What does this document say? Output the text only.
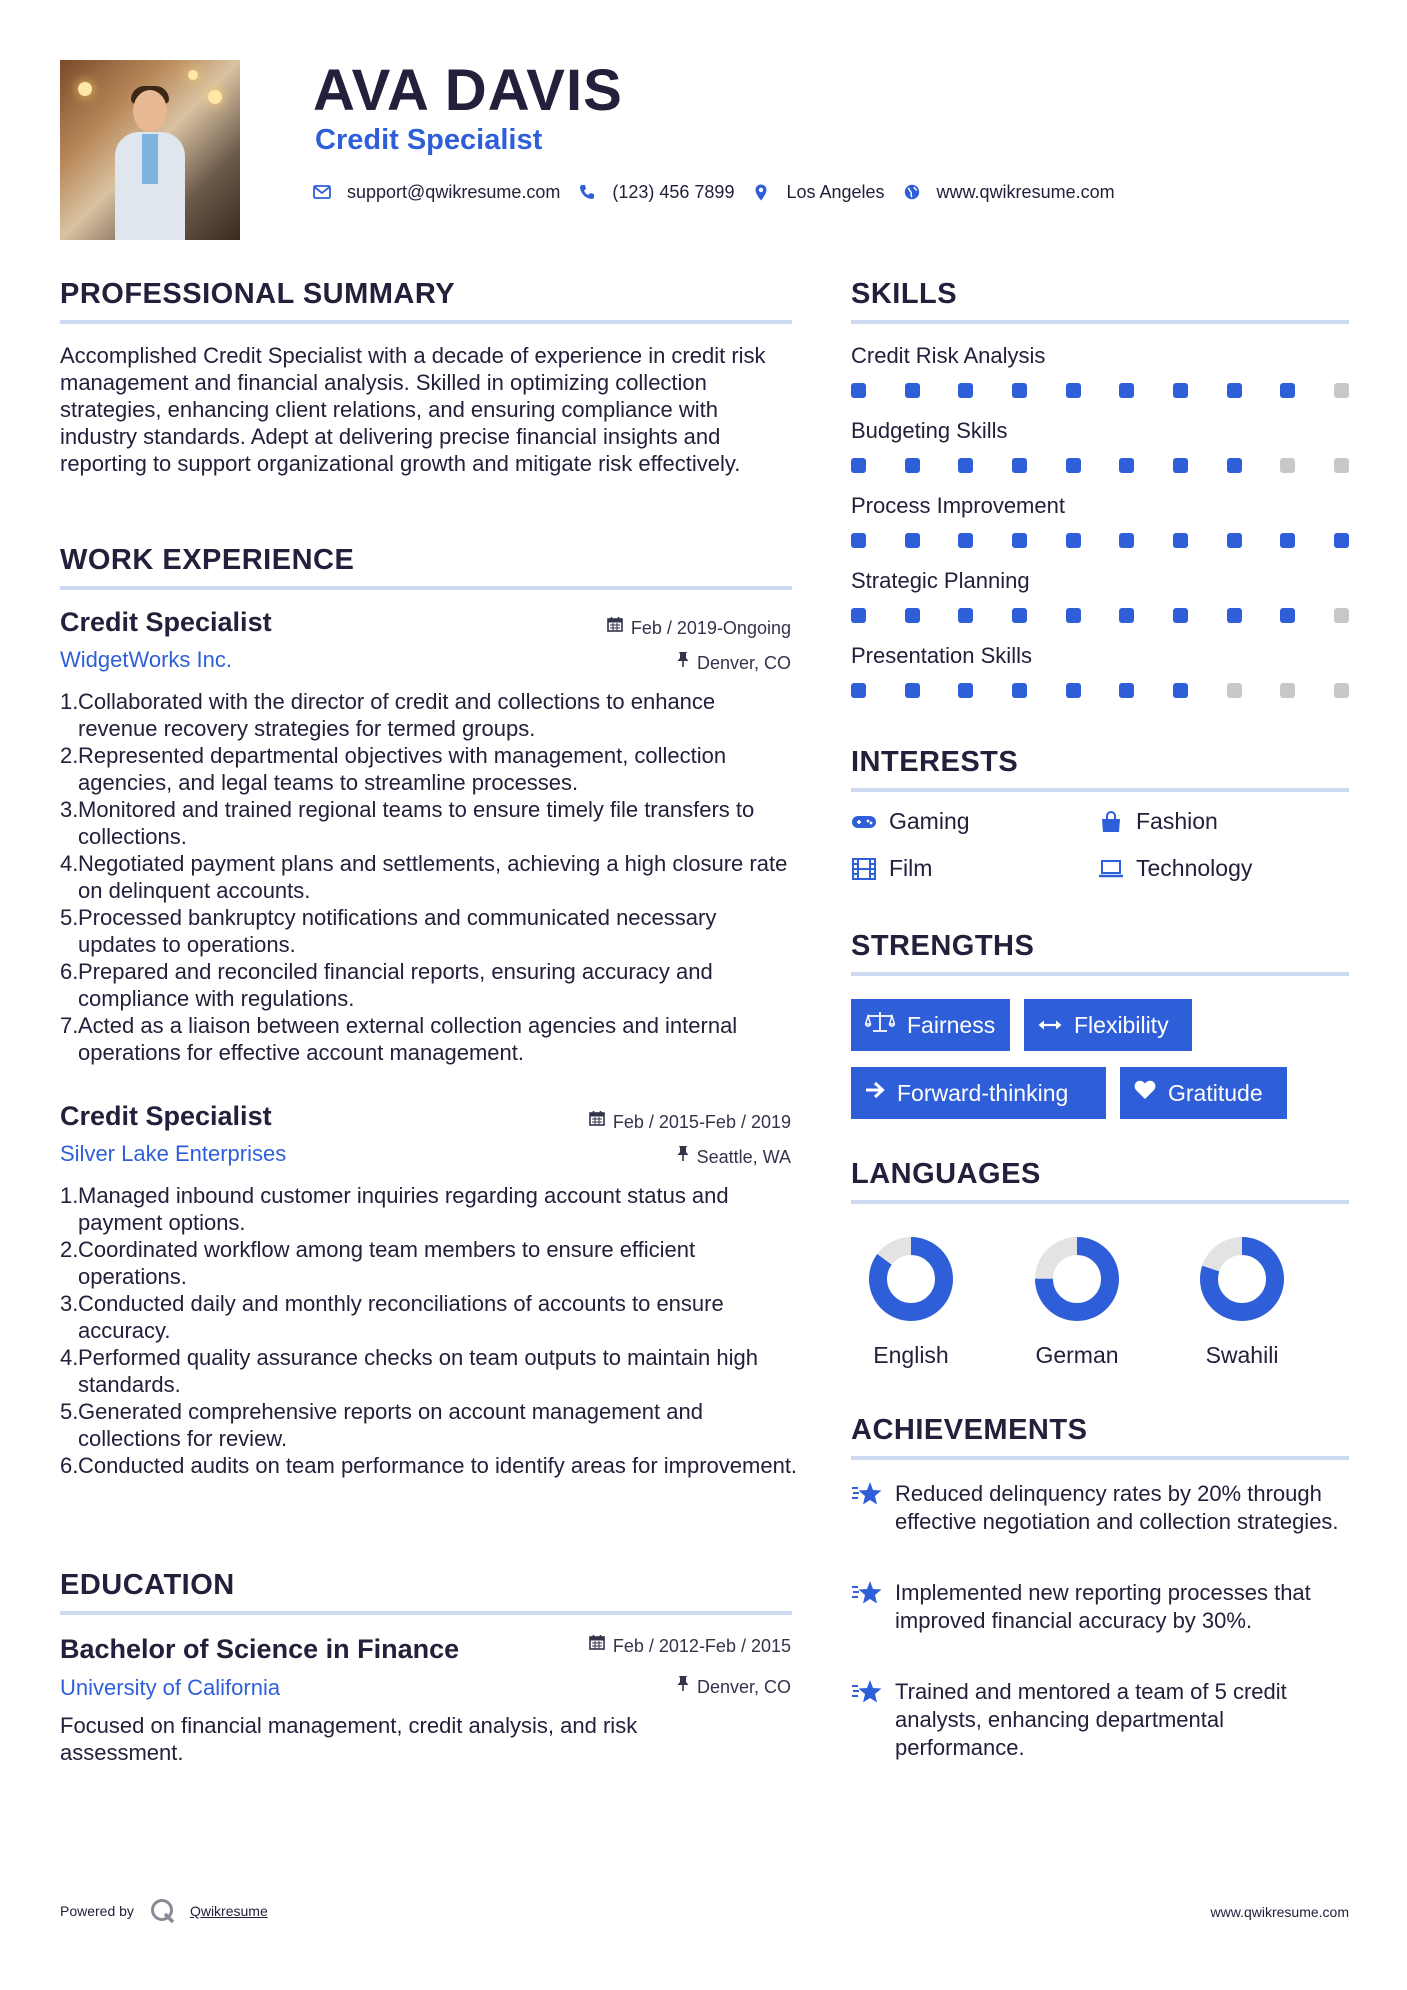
AVA DAVIS
Credit Specialist
support@qwikresume.com	(123) 456 7899	Los Angeles	www.qwikresume.com
PROFESSIONAL SUMMARY

Accomplished Credit Specialist with a decade of experience in credit risk management and financial analysis. Skilled in optimizing collection strategies, enhancing client relations, and ensuring compliance with industry standards. Adept at delivering precise financial insights and reporting to support organizational growth and mitigate risk effectively.

WORK EXPERIENCE
Credit Specialist	Feb / 2019-Ongoing

WidgetWorks Inc.	Denver, CO
1. Collaborated with the director of credit and collections to enhance revenue recovery strategies for termed groups.
2. Represented departmental objectives with management, collection agencies, and legal teams to streamline processes.
3. Monitored and trained regional teams to ensure timely file transfers to collections.
4. Negotiated payment plans and settlements, achieving a high closure rate on delinquent accounts.
5. Processed bankruptcy notifications and communicated necessary updates to operations.
6. Prepared and reconciled financial reports, ensuring accuracy and compliance with regulations.
7. Acted as a liaison between external collection agencies and internal operations for effective account management.
Credit Specialist	Feb / 2015-Feb / 2019

Silver Lake Enterprises	Seattle, WA
1. Managed inbound customer inquiries regarding account status and payment options.
2. Coordinated workflow among team members to ensure efficient operations.
3. Conducted daily and monthly reconciliations of accounts to ensure accuracy.
4. Performed quality assurance checks on team outputs to maintain high standards.
5. Generated comprehensive reports on account management and collections for review.
6. Conducted audits on team performance to identify areas for improvement.
EDUCATION
Bachelor of Science in Finance	Feb / 2012-Feb / 2015

University of California	Denver, CO

Focused on financial management, credit analysis, and risk assessment.

SKILLS

Credit Risk Analysis

Budgeting Skills

Process Improvement

Strategic Planning

Presentation Skills

INTERESTS
Gaming	Fashion
Film	Technology
STRENGTHS
Fairness	Flexibility
Forward-thinking	Gratitude
LANGUAGES
English	German	Swahili
ACHIEVEMENTS
Reduced delinquency rates by 20% through effective negotiation and collection strategies.
Implemented new reporting processes that improved financial accuracy by 30%.
Trained and mentored a team of 5 credit analysts, enhancing departmental performance.
Powered by	Qwikresume	www.qwikresume.com
